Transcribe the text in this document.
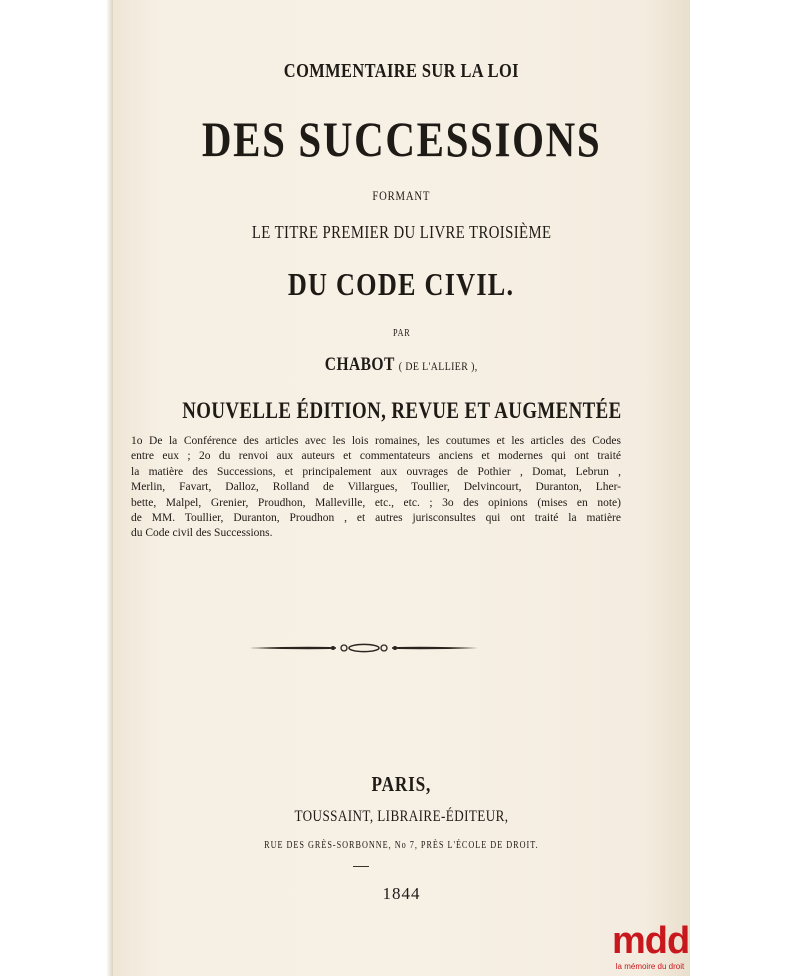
COMMENTAIRE SUR LA LOI
DES SUCCESSIONS
FORMANT
LE TITRE PREMIER DU LIVRE TROISIÈME
DU CODE CIVIL.
PAR
CHABOT ( DE L'ALLIER ),
NOUVELLE ÉDITION, REVUE ET AUGMENTÉE
1o De la Conférence des articles avec les lois romaines, les coutumes et les articles des Codes
entre eux ; 2o du renvoi aux auteurs et commentateurs anciens et modernes qui ont traité
la matière des Successions, et principalement aux ouvrages de Pothier , Domat, Lebrun ,
Merlin, Favart, Dalloz, Rolland de Villargues, Toullier, Delvincourt, Duranton, Lher-
bette, Malpel, Grenier, Proudhon, Malleville, etc., etc. ; 3o des opinions (mises en note)
de MM. Toullier, Duranton, Proudhon , et autres jurisconsultes qui ont traité la matière
du Code civil des Successions.
PARIS,
TOUSSAINT, LIBRAIRE-ÉDITEUR,
RUE DES GRÈS-SORBONNE, No 7, PRÈS L'ÉCOLE DE DROIT.
1844
mdd
la mémoire du droit
